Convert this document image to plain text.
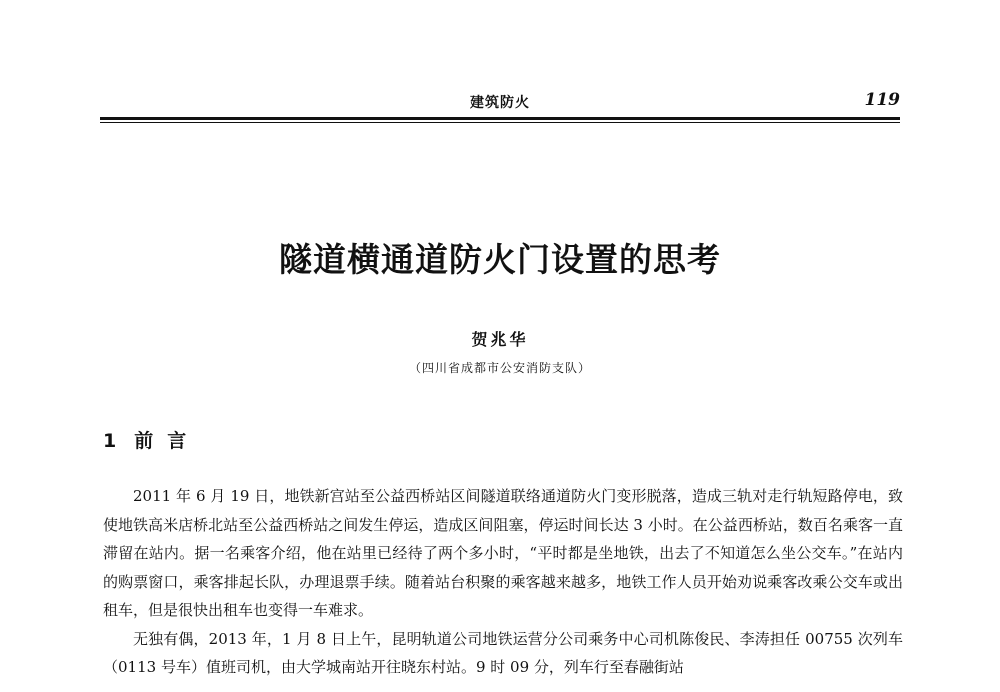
建筑防火	119
隧道横通道防火门设置的思考
贺兆华
（四川省成都市公安消防支队）
1 前言

2011 年 6 月 19 日，地铁新宫站至公益西桥站区间隧道联络通道防火门变形脱落，造成三轨对走行轨短路停电，致使地铁高米店桥北站至公益西桥站之间发生停运，造成区间阻塞，停运时间长达 3 小时。在公益西桥站，数百名乘客一直滞留在站内。据一名乘客介绍，他在站里已经待了两个多小时，“平时都是坐地铁，出去了不知道怎么坐公交车。”在站内的购票窗口，乘客排起长队，办理退票手续。随着站台积聚的乘客越来越多，地铁工作人员开始劝说乘客改乘公交车或出租车，但是很快出租车也变得一车难求。

无独有偶，2013 年，1 月 8 日上午，昆明轨道公司地铁运营分公司乘务中心司机陈俊民、李涛担任 00755 次列车（0113 号车）值班司机，由大学城南站开往晓东村站。9 时 09 分，列车行至春融街站
